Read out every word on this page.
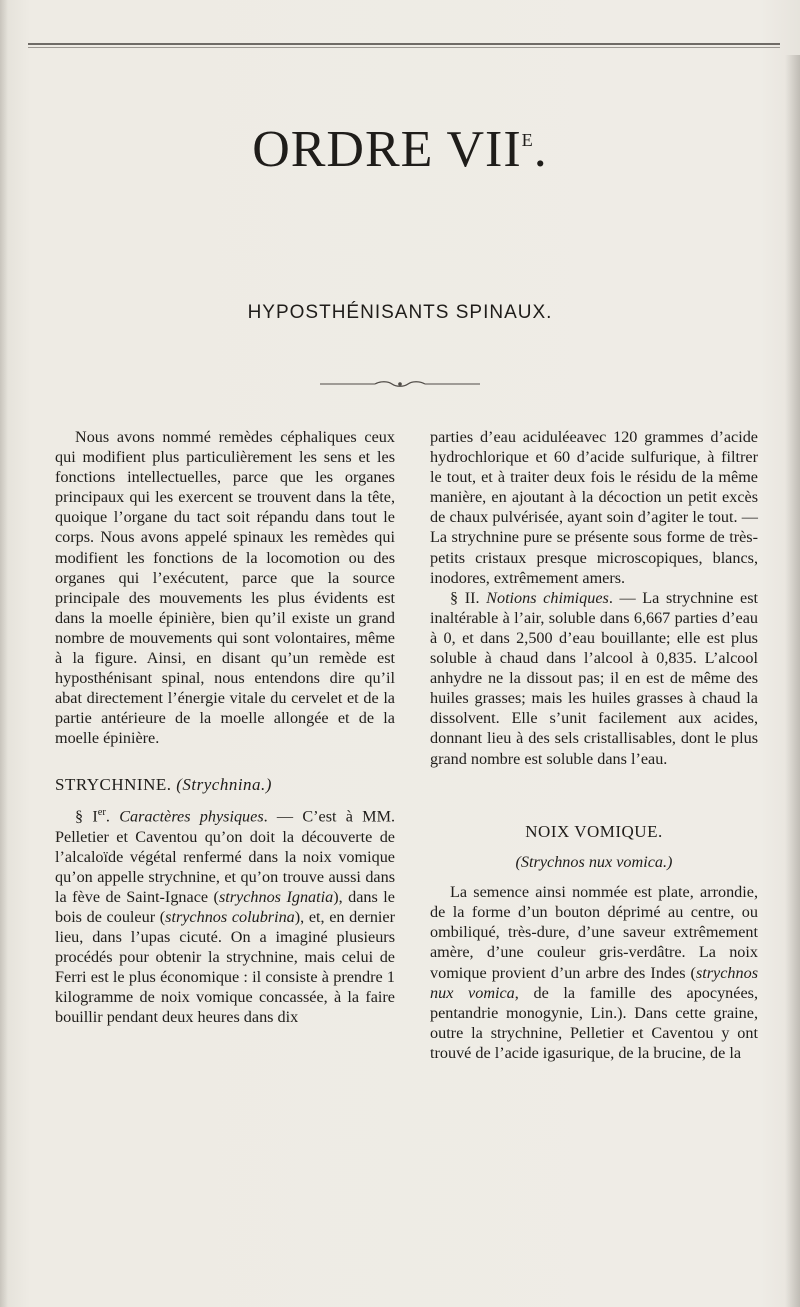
ORDRE $VII^E$.
HYPOSTHÉNISANTS SPINAUX.

Nous avons nommé remèdes céphaliques ceux qui modifient plus particulièrement les sens et les fonctions intellectuelles, parce que les organes principaux qui les exercent se trouvent dans la tête, quoique l’organe du tact soit répandu dans tout le corps. Nous avons appelé spinaux les remèdes qui modifient les fonctions de la locomotion ou des organes qui l’exécutent, parce que la source principale des mouvements les plus évidents est dans la moelle épinière, bien qu’il existe un grand nombre de mouvements qui sont volontaires, même à la figure. Ainsi, en disant qu’un remède est hyposthénisant spinal, nous entendons dire qu’il abat directement l’énergie vitale du cervelet et de la partie antérieure de la moelle allongée et de la moelle épinière.

parties d’eau aciduléeavec 120 grammes d’acide hydrochlorique et 60 d’acide sulfurique, à filtrer le tout, et à traiter deux fois le résidu de la même manière, en ajoutant à la décoction un petit excès de chaux pulvérisée, ayant soin d’agiter le tout. — La strychnine pure se présente sous forme de très-petits cristaux presque microscopiques, blancs, inodores, extrêmement amers.

§ II. Notions chimiques. — La strychnine est inaltérable à l’air, soluble dans 6,667 parties d’eau à 0, et dans 2,500 d’eau bouillante; elle est plus soluble à chaud dans l’alcool à 0,835. L’alcool anhydre ne la dissout pas; il en est de même des huiles grasses; mais les huiles grasses à chaud la dissolvent. Elle s’unit facilement aux acides, donnant lieu à des sels cristallisables, dont le plus grand nombre est soluble dans l’eau.

STRYCHNINE. (Strychnina.)

§ Ier. Caractères physiques. — C’est à MM. Pelletier et Caventou qu’on doit la découverte de l’alcaloïde végétal renfermé dans la noix vomique qu’on appelle strychnine, et qu’on trouve aussi dans la fève de Saint-Ignace (strychnos Ignatia), dans le bois de couleur (strychnos colubrina), et, en dernier lieu, dans l’upas cicuté. On a imaginé plusieurs procédés pour obtenir la strychnine, mais celui de Ferri est le plus économique : il consiste à prendre 1 kilogramme de noix vomique concassée, à la faire bouillir pendant deux heures dans dix

NOIX VOMIQUE.

(Strychnos nux vomica.)

La semence ainsi nommée est plate, arrondie, de la forme d’un bouton déprimé au centre, ou ombiliqué, très-dure, d’une saveur extrêmement amère, d’une couleur gris-verdâtre. La noix vomique provient d’un arbre des Indes (strychnos nux vomica, de la famille des apocynées, pentandrie monogynie, Lin.). Dans cette graine, outre la strychnine, Pelletier et Caventou y ont trouvé de l’acide igasurique, de la brucine, de la
